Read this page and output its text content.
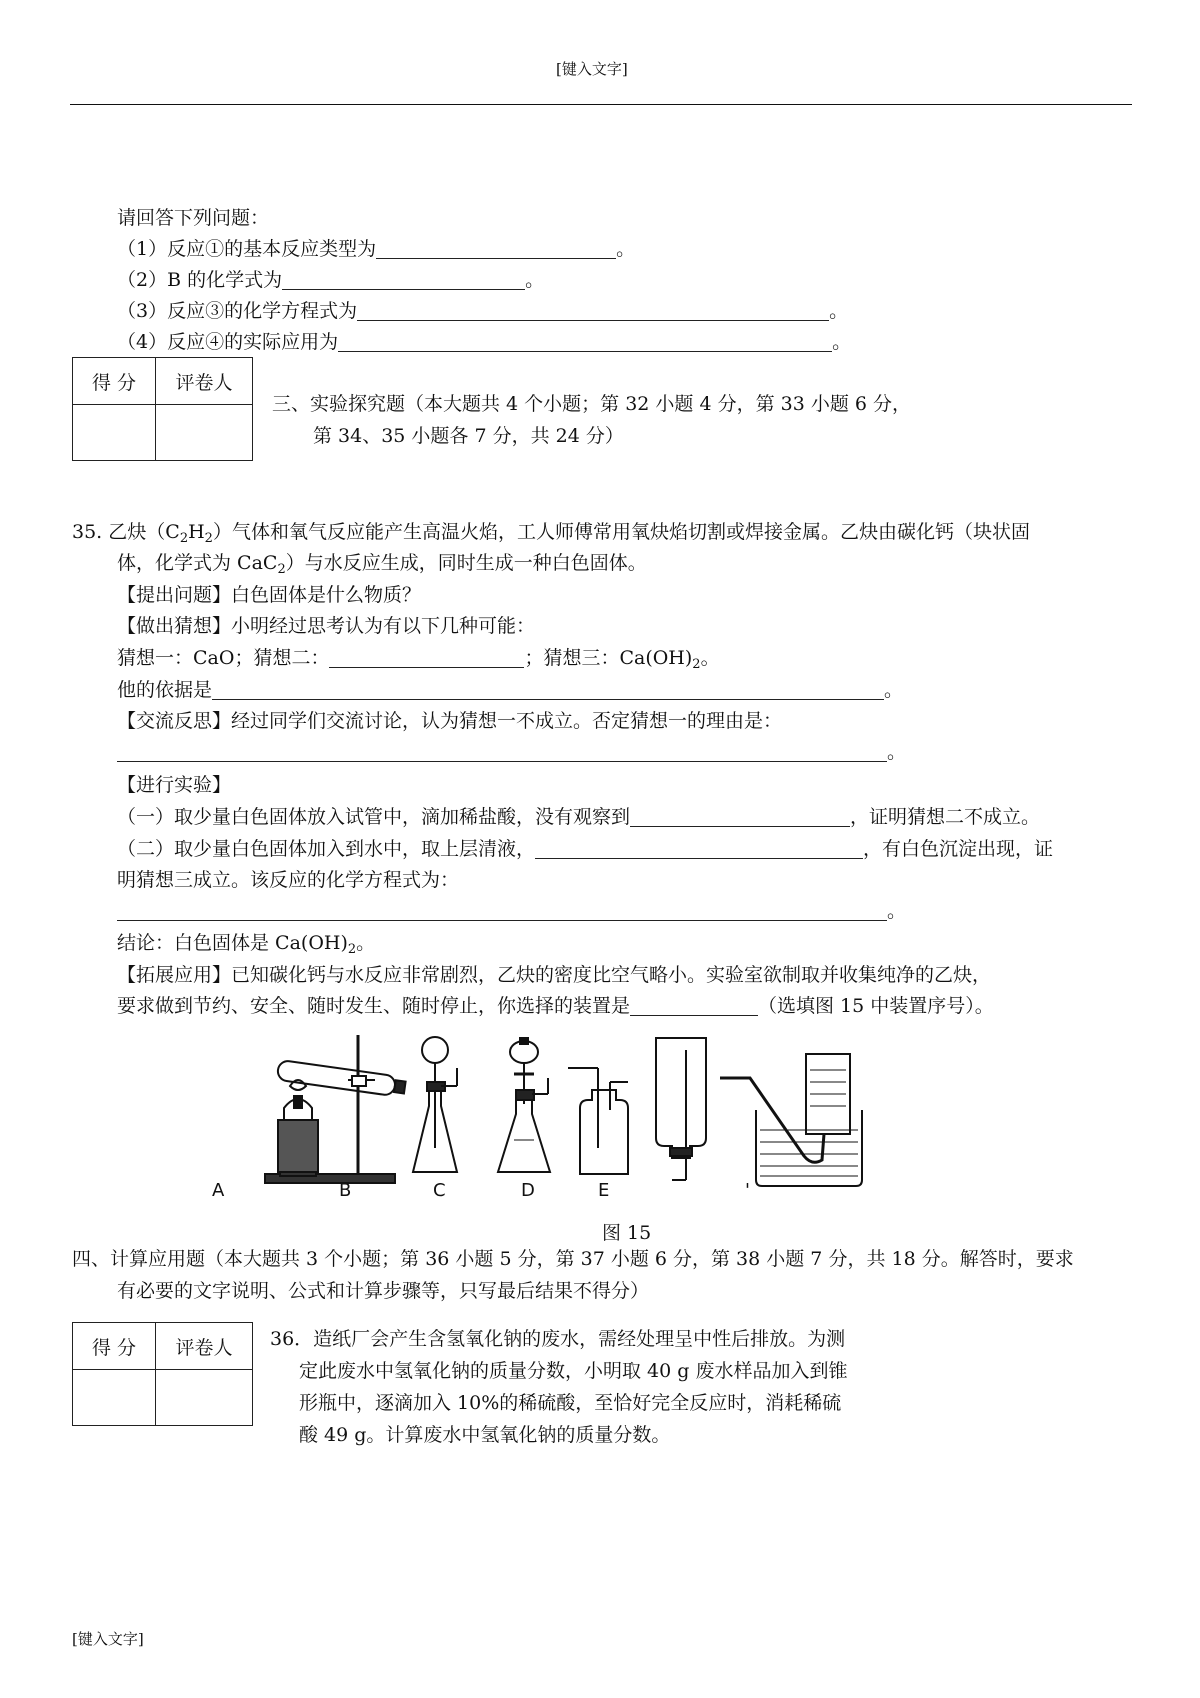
[键入文字]
请回答下列问题：
（1）反应①的基本反应类型为	。
（2）B 的化学式为	。
（3）反应③的化学方程式为	。
（4）反应④的实际应用为	。
得 分	评卷人

三、实验探究题（本大题共 4 个小题；第 32 小题 4 分，第 33 小题 6 分，
第 34、35 小题各 7 分，共 24 分）
35. 乙炔$(C_2H_2)$气体和氧气反应能产生高温火焰，工人师傅常用氧炔焰切割或焊接金属。乙炔由碳化钙（块状固
体，化学式为 CaC$_2$）与水反应生成，同时生成一种白色固体。
【提出问题】白色固体是什么物质？
【做出猜想】小明经过思考认为有以下几种可能：
猜想一：CaO；猜想二：	；猜想三：$Ca(OH)_2$。
他的依据是	。
【交流反思】经过同学们交流讨论，认为猜想一不成立。否定猜想一的理由是：
。
【进行实验】
（一）取少量白色固体放入试管中，滴加稀盐酸，没有观察到	，证明猜想二不成立。
（二）取少量白色固体加入到水中，取上层清液，	，有白色沉淀出现，证
明猜想三成立。该反应的化学方程式为：
。
结论：白色固体是 $Ca(OH)_2$。
【拓展应用】已知碳化钙与水反应非常剧烈，乙炔的密度比空气略小。实验室欲制取并收集纯净的乙炔，
要求做到节约、安全、随时发生、随时停止，你选择的装置是	（选填图 15 中装置序号）。
A	B	C	D	E	'
图 15
四、计算应用题（本大题共 3 个小题；第 36 小题 5 分，第 37 小题 6 分，第 38 小题 7 分，共 18 分。解答时，要求
有必要的文字说明、公式和计算步骤等，只写最后结果不得分）
得 分	评卷人
	36．造纸厂会产生含氢氧化钠的废水，需经处理呈中性后排放。为测
定此废水中氢氧化钠的质量分数，小明取 40 g 废水样品加入到锥
形瓶中，逐滴加入 10%的稀硫酸，至恰好完全反应时，消耗稀硫
酸 49 g。计算废水中氢氧化钠的质量分数。
[键入文字]
